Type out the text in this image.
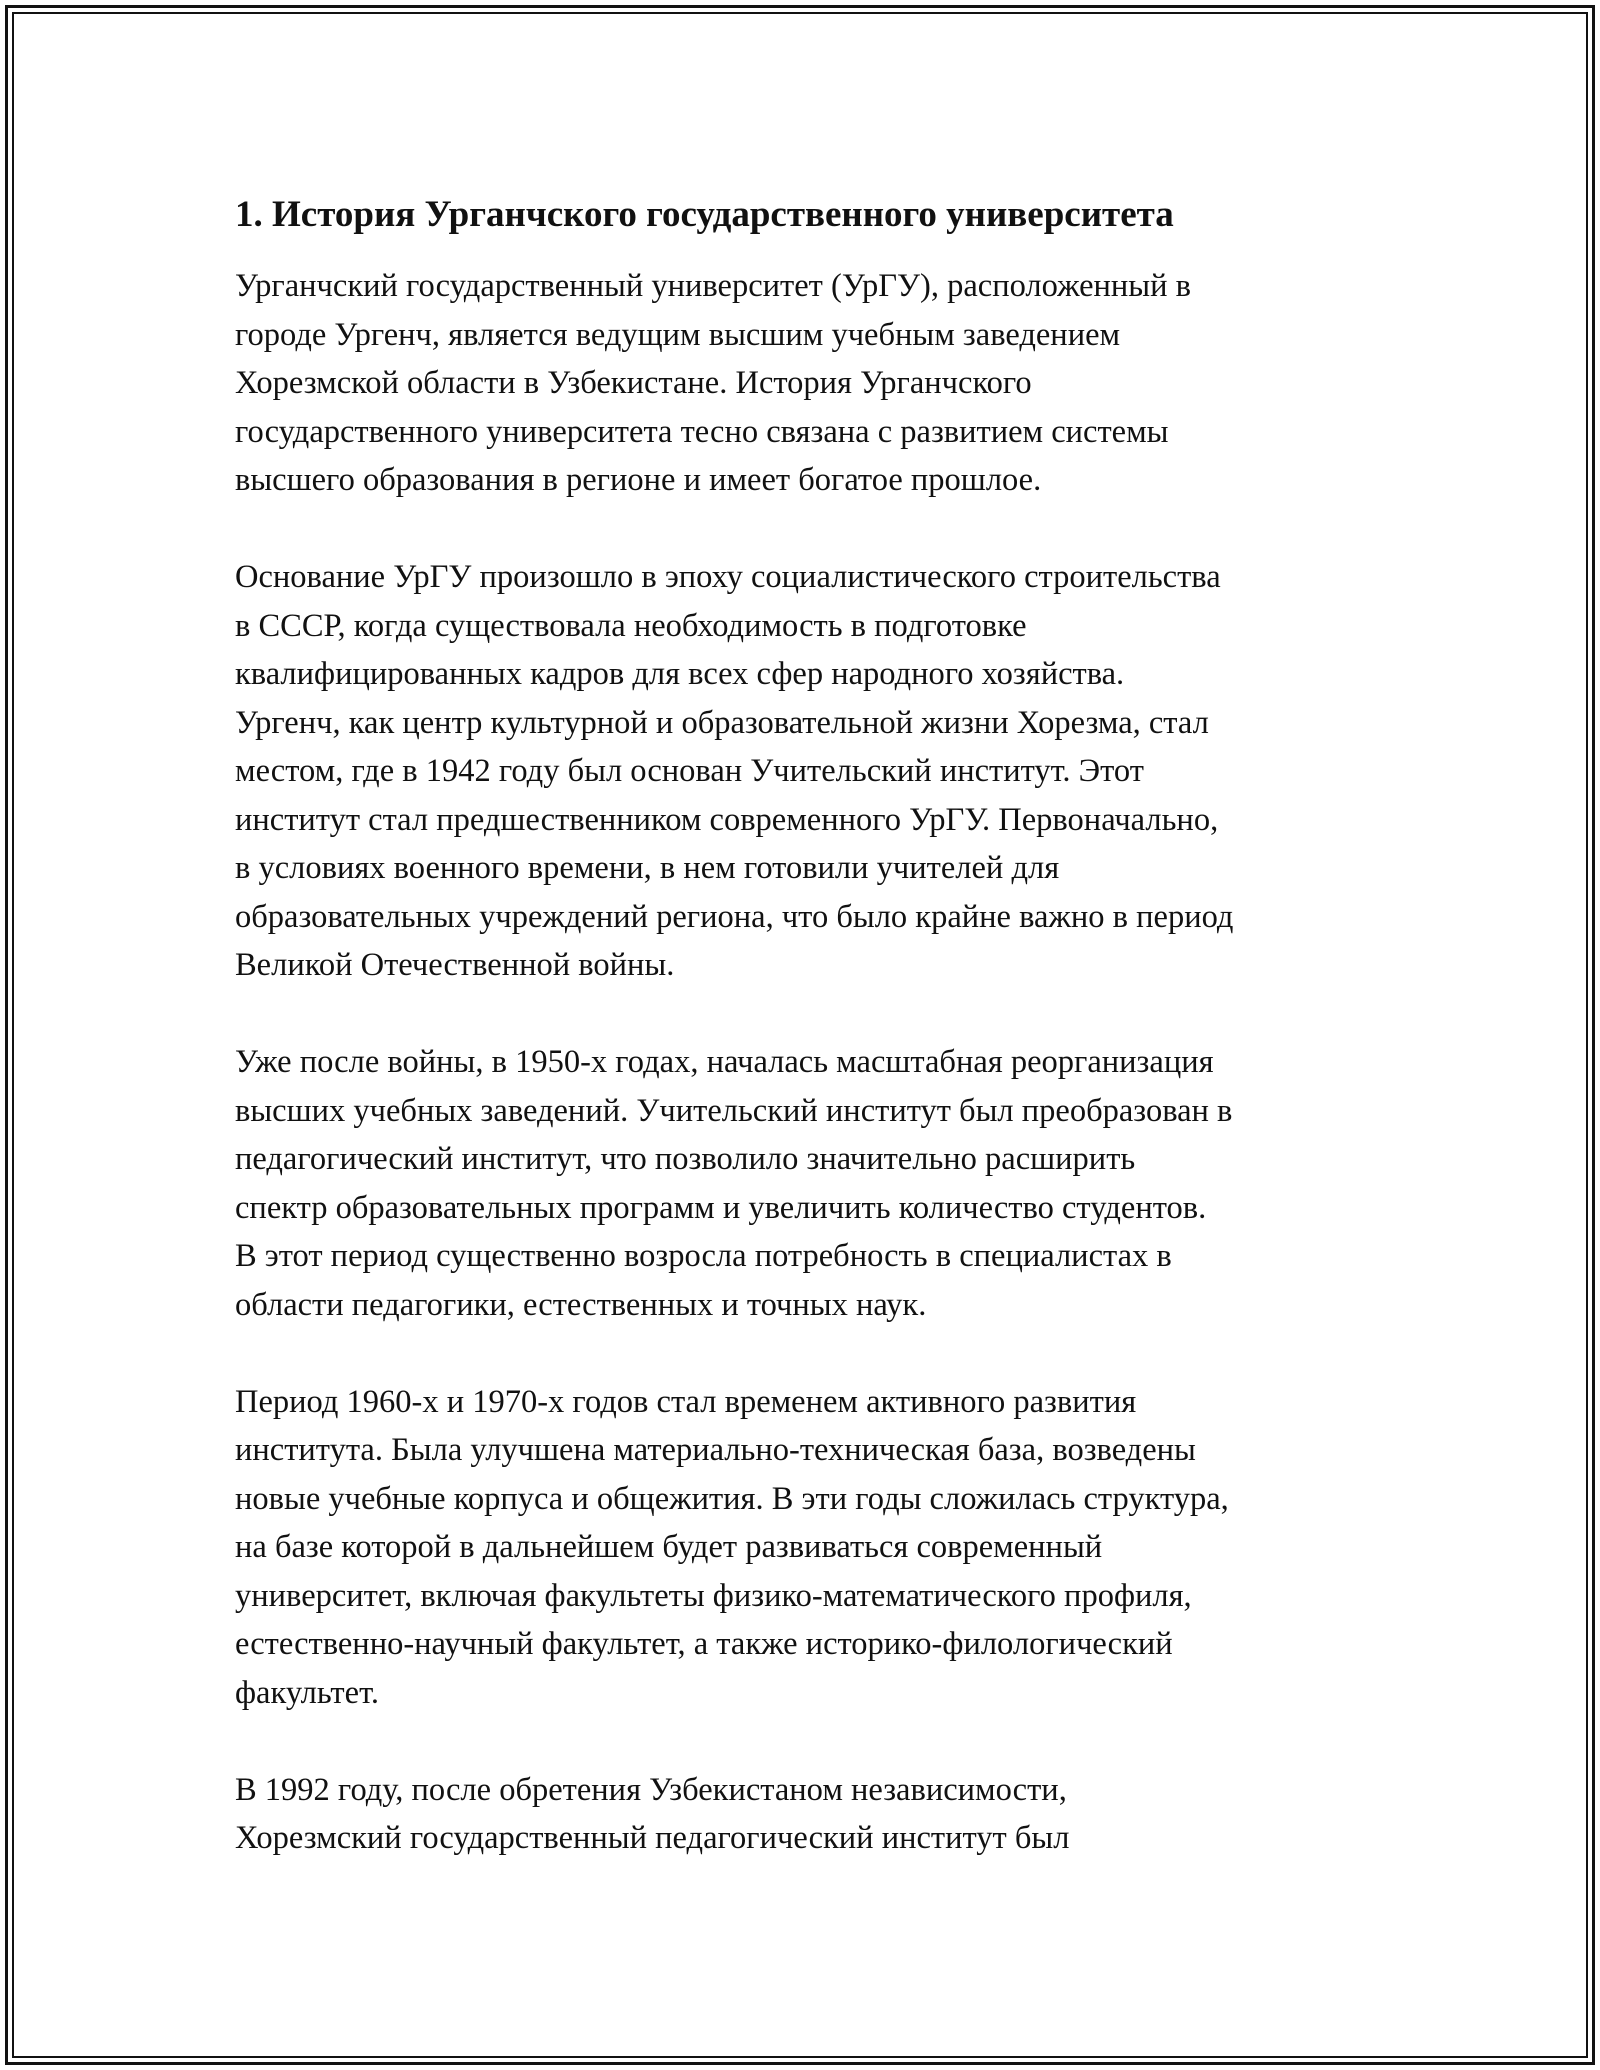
1. История Урганчского государственного университета

Урганчский государственный университет (УрГУ), расположенный в
городе Ургенч, является ведущим высшим учебным заведением
Хорезмской области в Узбекистане. История Урганчского
государственного университета тесно связана с развитием системы
высшего образования в регионе и имеет богатое прошлое.

Основание УрГУ произошло в эпоху социалистического строительства
в СССР, когда существовала необходимость в подготовке
квалифицированных кадров для всех сфер народного хозяйства.
Ургенч, как центр культурной и образовательной жизни Хорезма, стал
местом, где в 1942 году был основан Учительский институт. Этот
институт стал предшественником современного УрГУ. Первоначально,
в условиях военного времени, в нем готовили учителей для
образовательных учреждений региона, что было крайне важно в период
Великой Отечественной войны.

Уже после войны, в 1950-х годах, началась масштабная реорганизация
высших учебных заведений. Учительский институт был преобразован в
педагогический институт, что позволило значительно расширить
спектр образовательных программ и увеличить количество студентов.
В этот период существенно возросла потребность в специалистах в
области педагогики, естественных и точных наук.

Период 1960-х и 1970-х годов стал временем активного развития
института. Была улучшена материально-техническая база, возведены
новые учебные корпуса и общежития. В эти годы сложилась структура,
на базе которой в дальнейшем будет развиваться современный
университет, включая факультеты физико-математического профиля,
естественно-научный факультет, а также историко-филологический
факультет.

В 1992 году, после обретения Узбекистаном независимости,
Хорезмский государственный педагогический институт был
